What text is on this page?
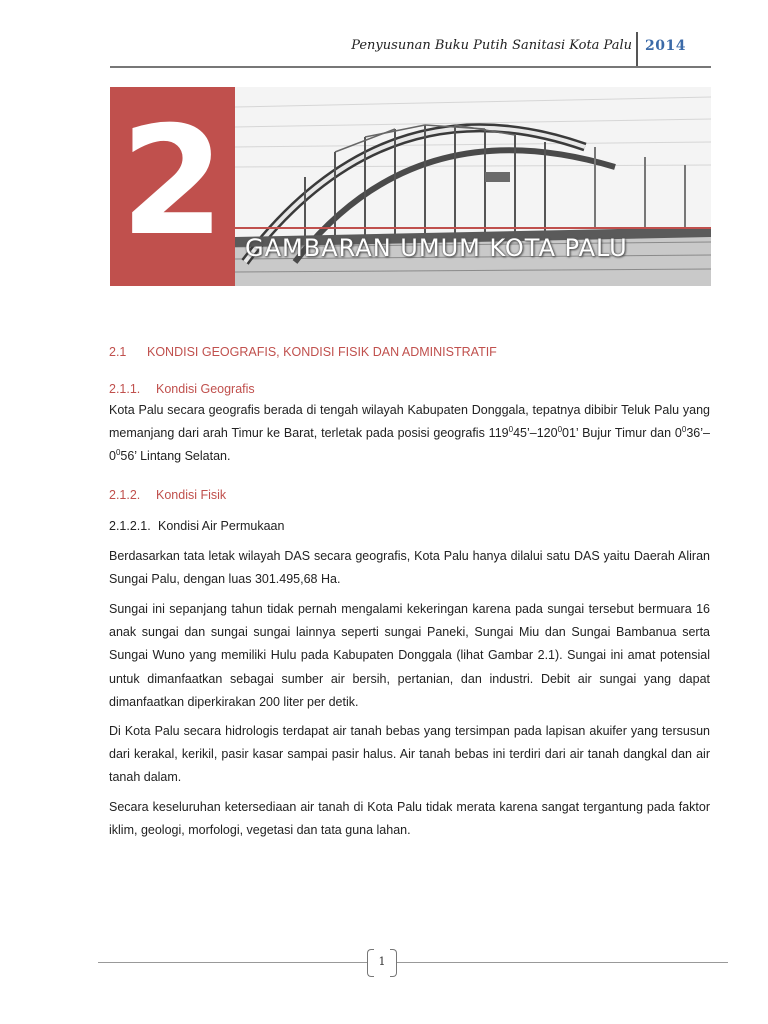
Penyusunan Buku Putih Sanitasi Kota Palu 2014
2 GAMBARAN UMUM KOTA PALU
2.1 KONDISI GEOGRAFIS, KONDISI FISIK DAN ADMINISTRATIF
2.1.1. Kondisi Geografis

Kota Palu secara geografis berada di tengah wilayah Kabupaten Donggala, tepatnya dibibir Teluk Palu yang memanjang dari arah Timur ke Barat, terletak pada posisi geografis $119^045’-120^001$’ Bujur Timur dan $0^036’-0^056$’ Lintang Selatan.

2.1.2. Kondisi Fisik
2.1.2.1. Kondisi Air Permukaan

Berdasarkan tata letak wilayah DAS secara geografis, Kota Palu hanya dilalui satu DAS yaitu Daerah Aliran Sungai Palu, dengan luas 301.495,68 Ha.

Sungai ini sepanjang tahun tidak pernah mengalami kekeringan karena pada sungai tersebut bermuara 16 anak sungai dan sungai sungai lainnya seperti sungai Paneki, Sungai Miu dan Sungai Bambanua serta Sungai Wuno yang memiliki Hulu pada Kabupaten Donggala (lihat Gambar 2.1). Sungai ini amat potensial untuk dimanfaatkan sebagai sumber air bersih, pertanian, dan industri. Debit air sungai yang dapat dimanfaatkan diperkirakan 200 liter per detik.

Di Kota Palu secara hidrologis terdapat air tanah bebas yang tersimpan pada lapisan akuifer yang tersusun dari kerakal, kerikil, pasir kasar sampai pasir halus. Air tanah bebas ini terdiri dari air tanah dangkal dan air tanah dalam.

Secara keseluruhan ketersediaan air tanah di Kota Palu tidak merata karena sangat tergantung pada faktor iklim, geologi, morfologi, vegetasi dan tata guna lahan.

1
